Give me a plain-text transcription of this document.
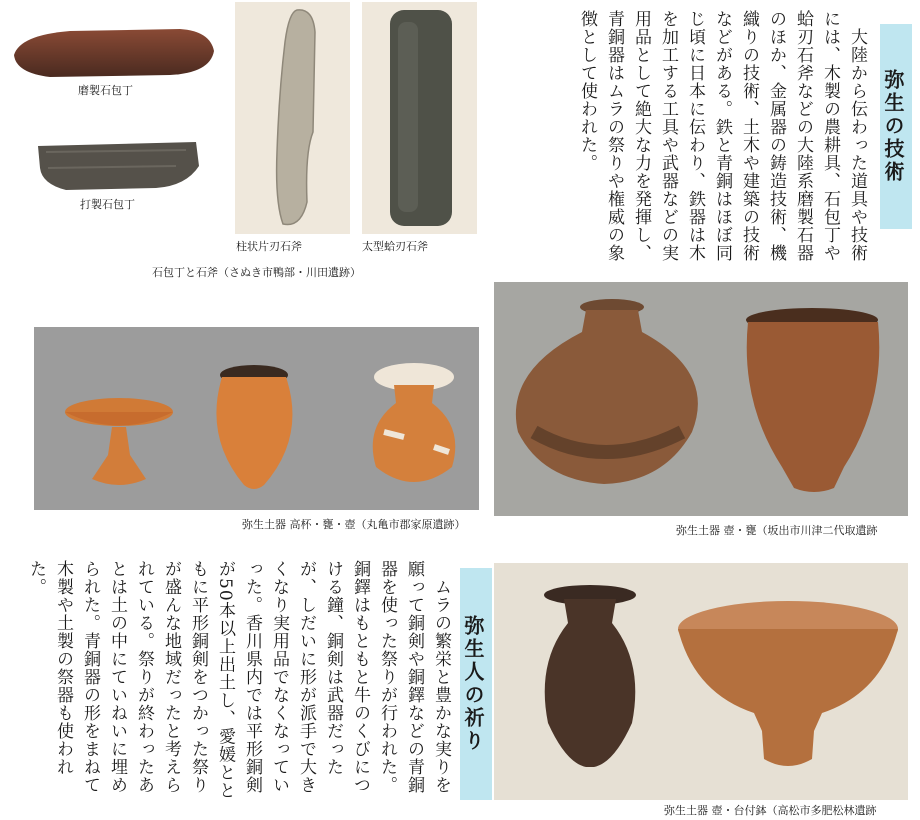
磨製石包丁
打製石包丁
柱状片刃石斧	太型蛤刃石斧
石包丁と石斧（さぬき市鴨部・川田遺跡）
　大陸から伝わった道具や技術には、木製の農耕具、石包丁や蛤刃石斧などの大陸系磨製石器のほか、金属器の鋳造技術、機織りの技術、土木や建築の技術などがある。鉄と青銅はほぼ同じ頃に日本に伝わり、鉄器は木を加工する工具や武器などの実用品として絶大な力を発揮し、青銅器はムラの祭りや権威の象徴として使われた。	弥生の技術
弥生土器 高杯・甕・壺（丸亀市郡家原遺跡）	弥生土器 壺・甕（坂出市川津二代取遺跡
弥生土器 壺・台付鉢（高松市多肥松林遺跡
弥生人の祈り
　ムラの繁栄と豊かな実りを願って銅剣や銅鐸などの青銅器を使った祭りが行われた。銅鐸はもともと牛のくびにつける鐘、銅剣は武器だったが、しだいに形が派手で大きくなり実用品でなくなっていった。香川県内では平形銅剣が50本以上出土し、愛媛とともに平形銅剣をつかった祭りが盛んな地域だったと考えられている。祭りが終わったあとは土の中にていねいに埋められた。青銅器の形をまねて木製や土製の祭器も使われた。
